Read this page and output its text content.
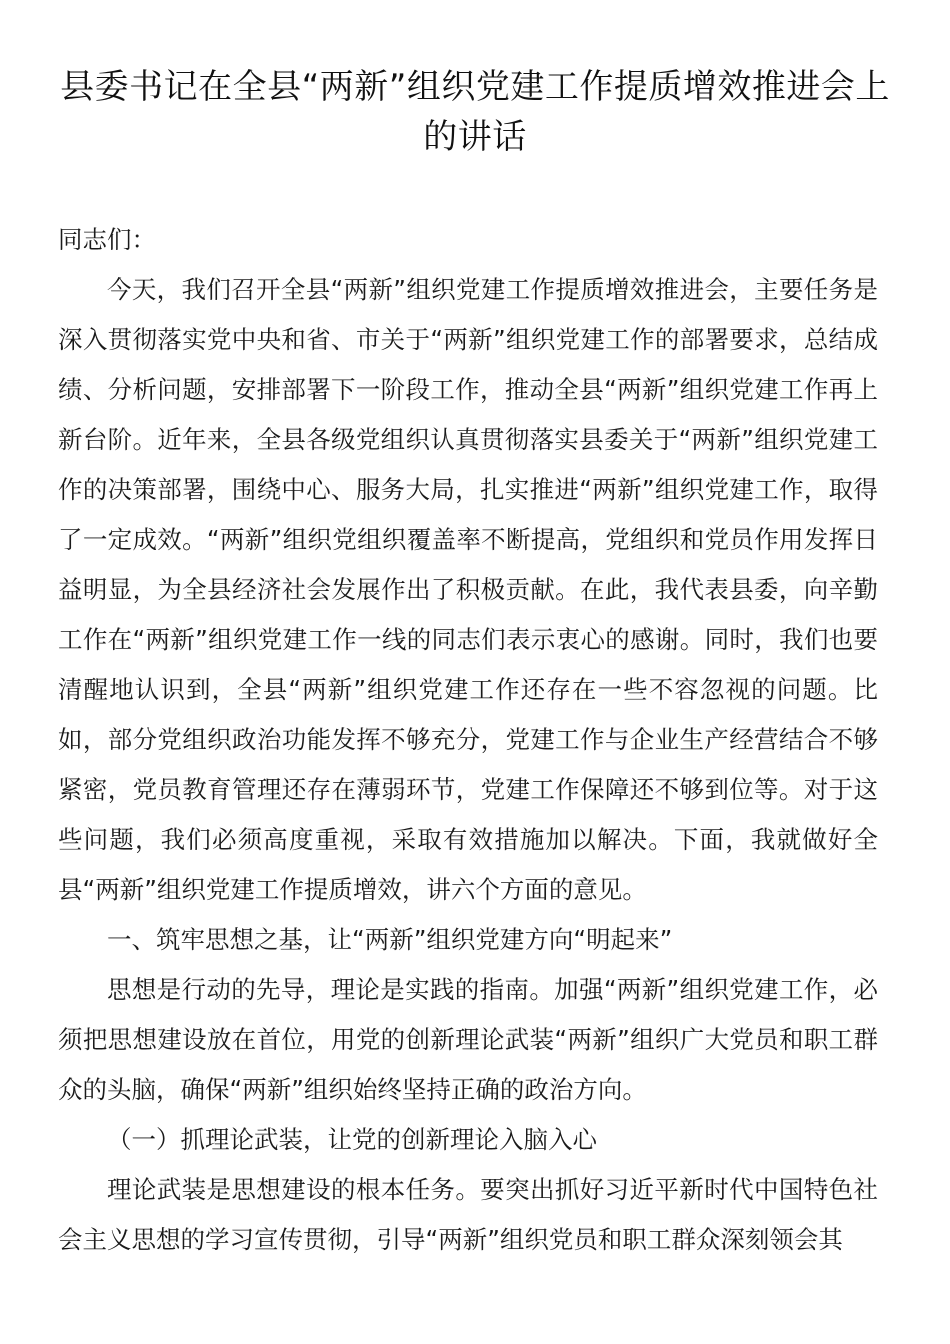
县委书记在全县“两新”组织党建工作提质增效推进会上的讲话

同志们：

今天，我们召开全县“两新”组织党建工作提质增效推进会，主要任务是深入贯彻落实党中央和省、市关于“两新”组织党建工作的部署要求，总结成绩、分析问题，安排部署下一阶段工作，推动全县“两新”组织党建工作再上新台阶。近年来，全县各级党组织认真贯彻落实县委关于“两新”组织党建工作的决策部署，围绕中心、服务大局，扎实推进“两新”组织党建工作，取得了一定成效。“两新”组织党组织覆盖率不断提高，党组织和党员作用发挥日益明显，为全县经济社会发展作出了积极贡献。在此，我代表县委，向辛勤工作在“两新”组织党建工作一线的同志们表示衷心的感谢。同时，我们也要清醒地认识到，全县“两新”组织党建工作还存在一些不容忽视的问题。比如，部分党组织政治功能发挥不够充分，党建工作与企业生产经营结合不够紧密，党员教育管理还存在薄弱环节，党建工作保障还不够到位等。对于这些问题，我们必须高度重视，采取有效措施加以解决。下面，我就做好全县“两新”组织党建工作提质增效，讲六个方面的意见。

一、筑牢思想之基，让“两新”组织党建方向“明起来”

思想是行动的先导，理论是实践的指南。加强“两新”组织党建工作，必须把思想建设放在首位，用党的创新理论武装“两新”组织广大党员和职工群众的头脑，确保“两新”组织始终坚持正确的政治方向。

（一）抓理论武装，让党的创新理论入脑入心

理论武装是思想建设的根本任务。要突出抓好习近平新时代中国特色社会主义思想的学习宣传贯彻，引导“两新”组织党员和职工群众深刻领会其
